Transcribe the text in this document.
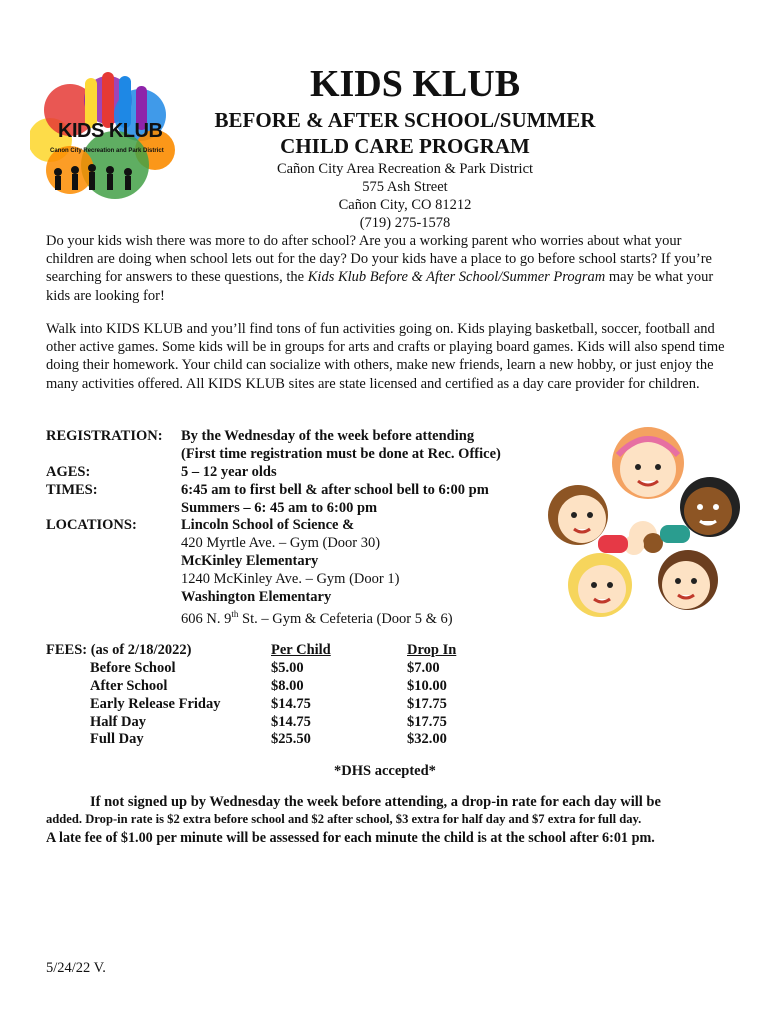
KIDS KLUB
Canon City Recreation and Park District
KIDS KLUB
BEFORE & AFTER SCHOOL/SUMMER
CHILD CARE PROGRAM
Cañon City Area Recreation & Park District
575 Ash Street
Cañon City, CO 81212
(719) 275-1578
Do your kids wish there was more to do after school? Are you a working parent who worries about what your children are doing when school lets out for the day? Do your kids have a place to go before school starts? If you’re searching for answers to these questions, the Kids Klub Before & After School/Summer Program may be what your kids are looking for!
Walk into KIDS KLUB and you’ll find tons of fun activities going on. Kids playing basketball, soccer, football and other active games. Some kids will be in groups for arts and crafts or playing board games. Kids will also spend time doing their homework. Your child can socialize with others, make new friends, learn a new hobby, or just enjoy the many activities offered. All KIDS KLUB sites are state licensed and certified as a day care provider for children.
REGISTRATION: By the Wednesday of the week before attending
(First time registration must be done at Rec. Office)
AGES:	5 – 12 year olds
TIMES:	6:45 am to first bell & after school bell to 6:00 pm
Summers – 6: 45 am to 6:00 pm
LOCATIONS:	Lincoln School of Science &
420 Myrtle Ave. – Gym (Door 30)
McKinley Elementary
1240 McKinley Ave. – Gym (Door 1)
Washington Elementary
606 N. 9th St. – Gym & Cefeteria (Door 5 & 6)
FEES: (as of 2/18/2022)	Per Child	Drop In
Before School	$5.00	$7.00
After School	$8.00	$10.00
Early Release Friday	$14.75	$17.75
Half Day	$14.75	$17.75
Full Day	$25.50	$32.00
*DHS accepted*
If not signed up by Wednesday the week before attending, a drop-in rate for each day will be
added. Drop-in rate is $2 extra before school and $2 after school, $3 extra for half day and $7 extra for full day.
A late fee of $1.00 per minute will be assessed for each minute the child is at the school after 6:01 pm.
5/24/22 V.
